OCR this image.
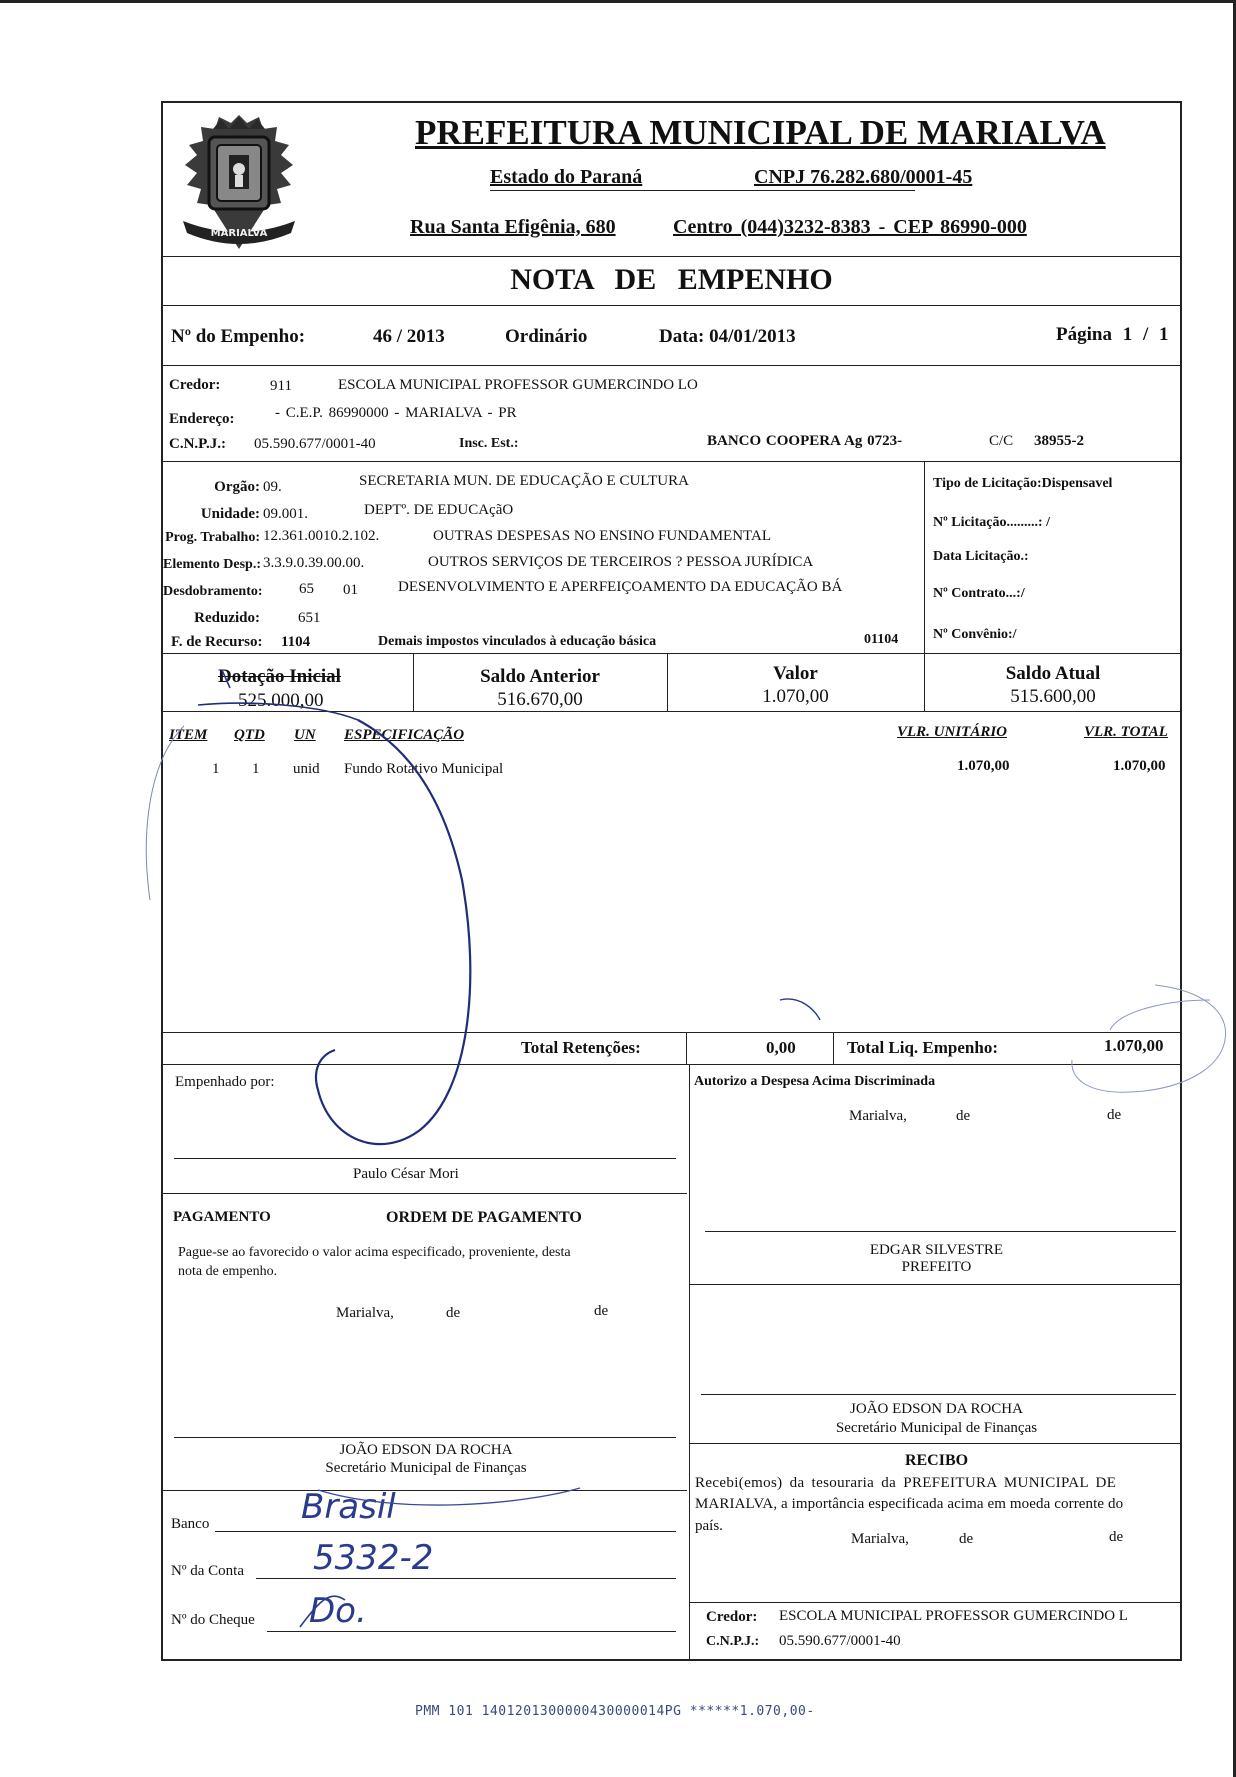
MARIALVA
PREFEITURA MUNICIPAL DE MARIALVA
Estado do Paraná	CNPJ 76.282.680/0001-45
Rua Santa Efigênia, 680	Centro (044)3232-8383 - CEP 86990-000
NOTA DE EMPENHO
Nº do Empenho:	46 / 2013	Ordinário	Data: 04/01/2013	Página 1 / 1
Credor:	911	ESCOLA MUNICIPAL PROFESSOR GUMERCINDO LO
Endereço:	- C.E.P. 86990000 - MARIALVA - PR
C.N.P.J.: 05.590.677/0001-40	Insc. Est.:	BANCO COOPERA Ag 0723-	C/C 38955-2
Orgão: 09.	SECRETARIA MUN. DE EDUCAÇÃO E CULTURA
Unidade: 09.001.	DEPTº. DE EDUCAçãO
Prog. Trabalho: 12.361.0010.2.102.	OUTRAS DESPESAS NO ENSINO FUNDAMENTAL
Elemento Desp.: 3.3.9.0.39.00.00.	OUTROS SERVIÇOS DE TERCEIROS ? PESSOA JURÍDICA
Desdobramento: 65 01	DESENVOLVIMENTO E APERFEIÇOAMENTO DA EDUCAÇÃO BÁ
Reduzido:	651
F. de Recurso: 1104	Demais impostos vinculados à educação básica	01104
Tipo de Licitação:Dispensavel
Nº Licitação.........: /
Data Licitação.:
Nº Contrato...:/
Nº Convênio:/
Dotação Inicial
525.000,00
Saldo Anterior
516.670,00
Valor
1.070,00
Saldo Atual
515.600,00
ITEM QTD UN ESPECIFICAÇÃO	VLR. UNITÁRIO	VLR. TOTAL
1 1 unid Fundo Rotativo Municipal	1.070,00	1.070,00
Total Retenções:	0,00	Total Liq. Empenho:	1.070,00
Empenhado por:
Paulo César Mori
PAGAMENTO	ORDEM DE PAGAMENTO
Pague-se ao favorecido o valor acima especificado, proveniente, desta
nota de empenho.
Marialva,	de	de
JOÃO EDSON DA ROCHA
Secretário Municipal de Finanças
Banco	Brasil
Nº da Conta 5332-2
Nº do Cheque Do.
Autorizo a Despesa Acima Discriminada
Marialva,	de	de
EDGAR SILVESTRE
PREFEITO
JOÃO EDSON DA ROCHA
Secretário Municipal de Finanças
RECIBO
Recebi(emos) da tesouraria da PREFEITURA MUNICIPAL DE
MARIALVA, a importância especificada acima em moeda corrente do
país.
Marialva,	de	de
Credor: ESCOLA MUNICIPAL PROFESSOR GUMERCINDO L
C.N.P.J.: 05.590.677/0001-40
PMM 101 1401201300000430000014PG ******1.070,00-
